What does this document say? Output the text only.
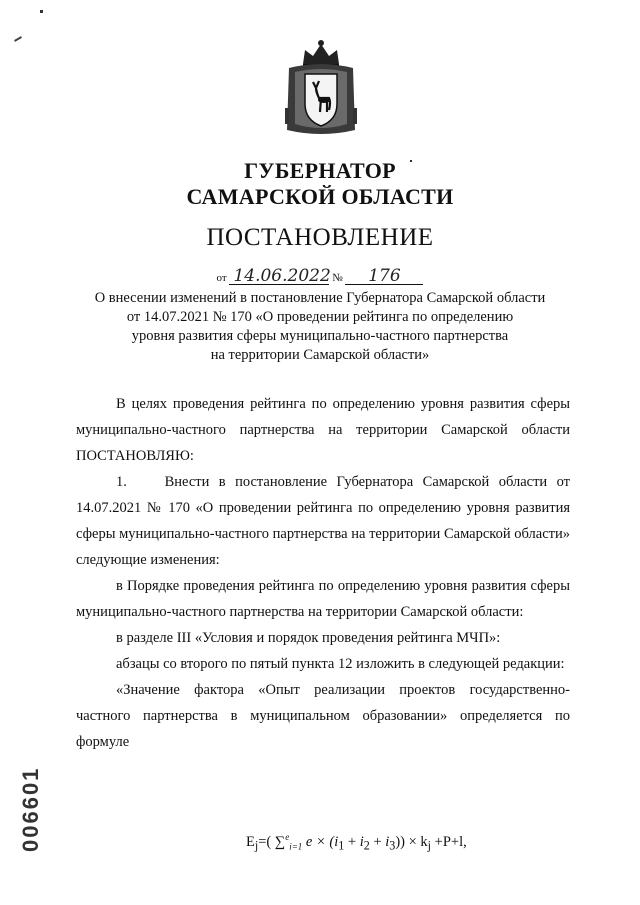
ГУБЕРНАТОР
САМАРСКОЙ ОБЛАСТИ
ПОСТАНОВЛЕНИЕ
от 14.06.2022 № 176
О внесении изменений в постановление Губернатора Самарской области
от 14.07.2021 № 170 «О проведении рейтинга по определению
уровня развития сферы муниципально-частного партнерства
на территории Самарской области»

В целях проведения рейтинга по определению уровня развития сферы муниципально-частного партнерства на территории Самарской области ПОСТАНОВЛЯЮ:

1.    Внести в постановление Губернатора Самарской области от 14.07.2021 № 170 «О проведении рейтинга по определению уровня развития сферы муниципально-частного партнерства на территории Самарской области» следующие изменения:

в Порядке проведения рейтинга по определению уровня развития сферы муниципально-частного партнерства на территории Самарской области:

в разделе III «Условия и порядок проведения рейтинга МЧП»:

абзацы со второго по пятый пункта 12 изложить в следующей редакции:

«Значение фактора «Опыт реализации проектов государственно-частного партнерства в муниципальном образовании» определяется по формуле

$E_j=$( ∑$^e_{i=1}$ $e \times (i_1 + i_2 + i_3)) \times k_j +P+l$,
006601
